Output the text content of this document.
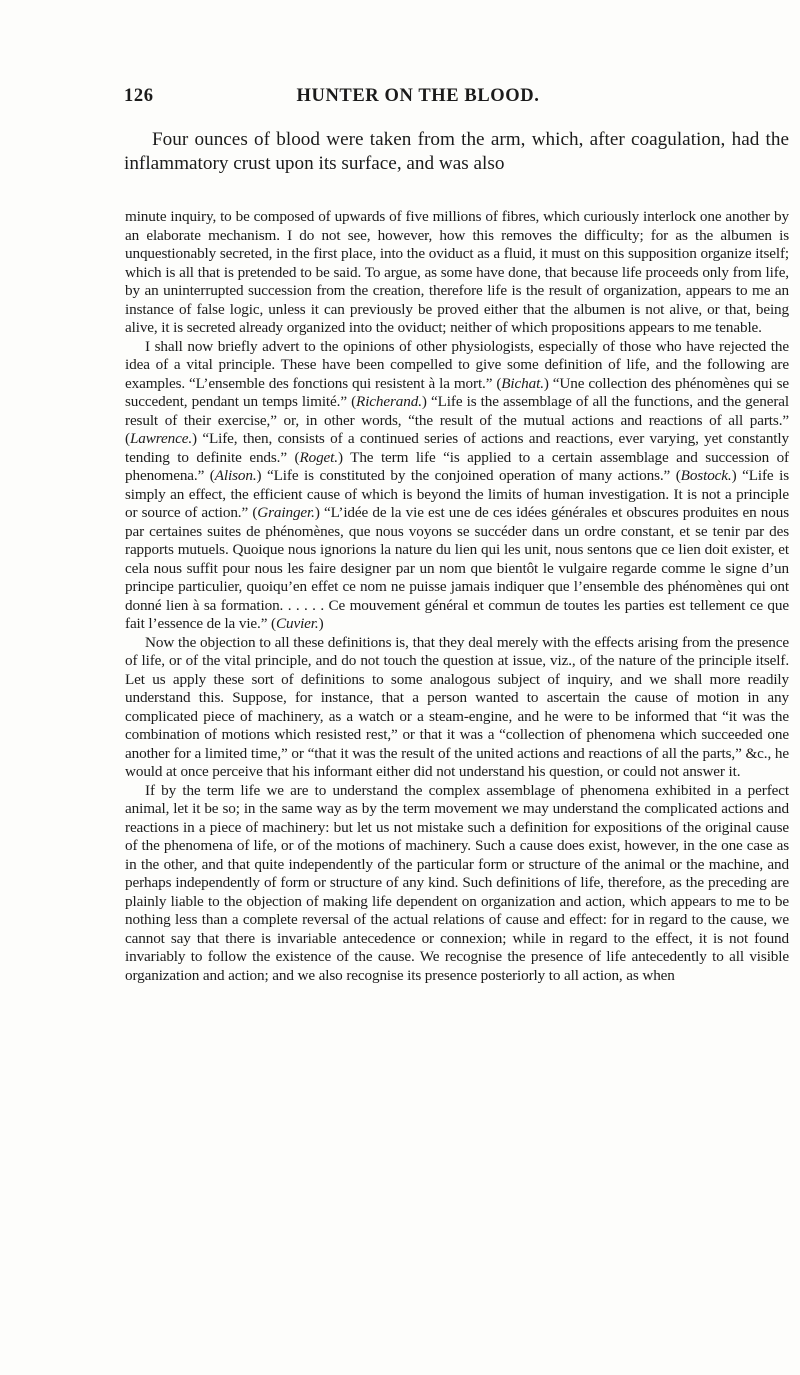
126	HUNTER ON THE BLOOD.
Four ounces of blood were taken from the arm, which, after coagulation, had the inflammatory crust upon its surface, and was also

minute inquiry, to be composed of upwards of five millions of fibres, which curiously interlock one another by an elaborate mechanism. I do not see, however, how this removes the difficulty; for as the albumen is unquestionably secreted, in the first place, into the oviduct as a fluid, it must on this supposition organize itself; which is all that is pretended to be said. To argue, as some have done, that because life proceeds only from life, by an uninterrupted succession from the creation, therefore life is the result of organization, appears to me an instance of false logic, unless it can previously be proved either that the albumen is not alive, or that, being alive, it is secreted already organized into the oviduct; neither of which propositions appears to me tenable.

I shall now briefly advert to the opinions of other physiologists, especially of those who have rejected the idea of a vital principle. These have been compelled to give some definition of life, and the following are examples. “L’ensemble des fonctions qui resistent à la mort.” (Bichat.) “Une collection des phénomènes qui se succedent, pendant un temps limité.” (Richerand.) “Life is the assemblage of all the functions, and the general result of their exercise,” or, in other words, “the result of the mutual actions and reactions of all parts.” (Lawrence.) “Life, then, consists of a continued series of actions and reactions, ever varying, yet constantly tending to definite ends.” (Roget.) The term life “is applied to a certain assemblage and succession of phenomena.” (Alison.) “Life is constituted by the conjoined operation of many actions.” (Bostock.) “Life is simply an effect, the efficient cause of which is beyond the limits of human investigation. It is not a principle or source of action.” (Grainger.) “L’idée de la vie est une de ces idées générales et obscures produites en nous par certaines suites de phénomènes, que nous voyons se succéder dans un ordre constant, et se tenir par des rapports mutuels. Quoique nous ignorions la nature du lien qui les unit, nous sentons que ce lien doit exister, et cela nous suffit pour nous les faire designer par un nom que bientôt le vulgaire regarde comme le signe d’un principe particulier, quoiqu’en effet ce nom ne puisse jamais indiquer que l’ensemble des phénomènes qui ont donné lien à sa formation. . . . . . Ce mouvement général et commun de toutes les parties est tellement ce que fait l’essence de la vie.” (Cuvier.)

Now the objection to all these definitions is, that they deal merely with the effects arising from the presence of life, or of the vital principle, and do not touch the question at issue, viz., of the nature of the principle itself. Let us apply these sort of definitions to some analogous subject of inquiry, and we shall more readily understand this. Suppose, for instance, that a person wanted to ascertain the cause of motion in any complicated piece of machinery, as a watch or a steam-engine, and he were to be informed that “it was the combination of motions which resisted rest,” or that it was a “collection of phenomena which succeeded one another for a limited time,” or “that it was the result of the united actions and reactions of all the parts,” &c., he would at once perceive that his informant either did not understand his question, or could not answer it.

If by the term life we are to understand the complex assemblage of phenomena exhibited in a perfect animal, let it be so; in the same way as by the term movement we may understand the complicated actions and reactions in a piece of machinery: but let us not mistake such a definition for expositions of the original cause of the phenomena of life, or of the motions of machinery. Such a cause does exist, however, in the one case as in the other, and that quite independently of the particular form or structure of the animal or the machine, and perhaps independently of form or structure of any kind. Such definitions of life, therefore, as the preceding are plainly liable to the objection of making life dependent on organization and action, which appears to me to be nothing less than a complete reversal of the actual relations of cause and effect: for in regard to the cause, we cannot say that there is invariable antecedence or connexion; while in regard to the effect, it is not found invariably to follow the existence of the cause. We recognise the presence of life antecedently to all visible organization and action; and we also recognise its presence posteriorly to all action, as when
